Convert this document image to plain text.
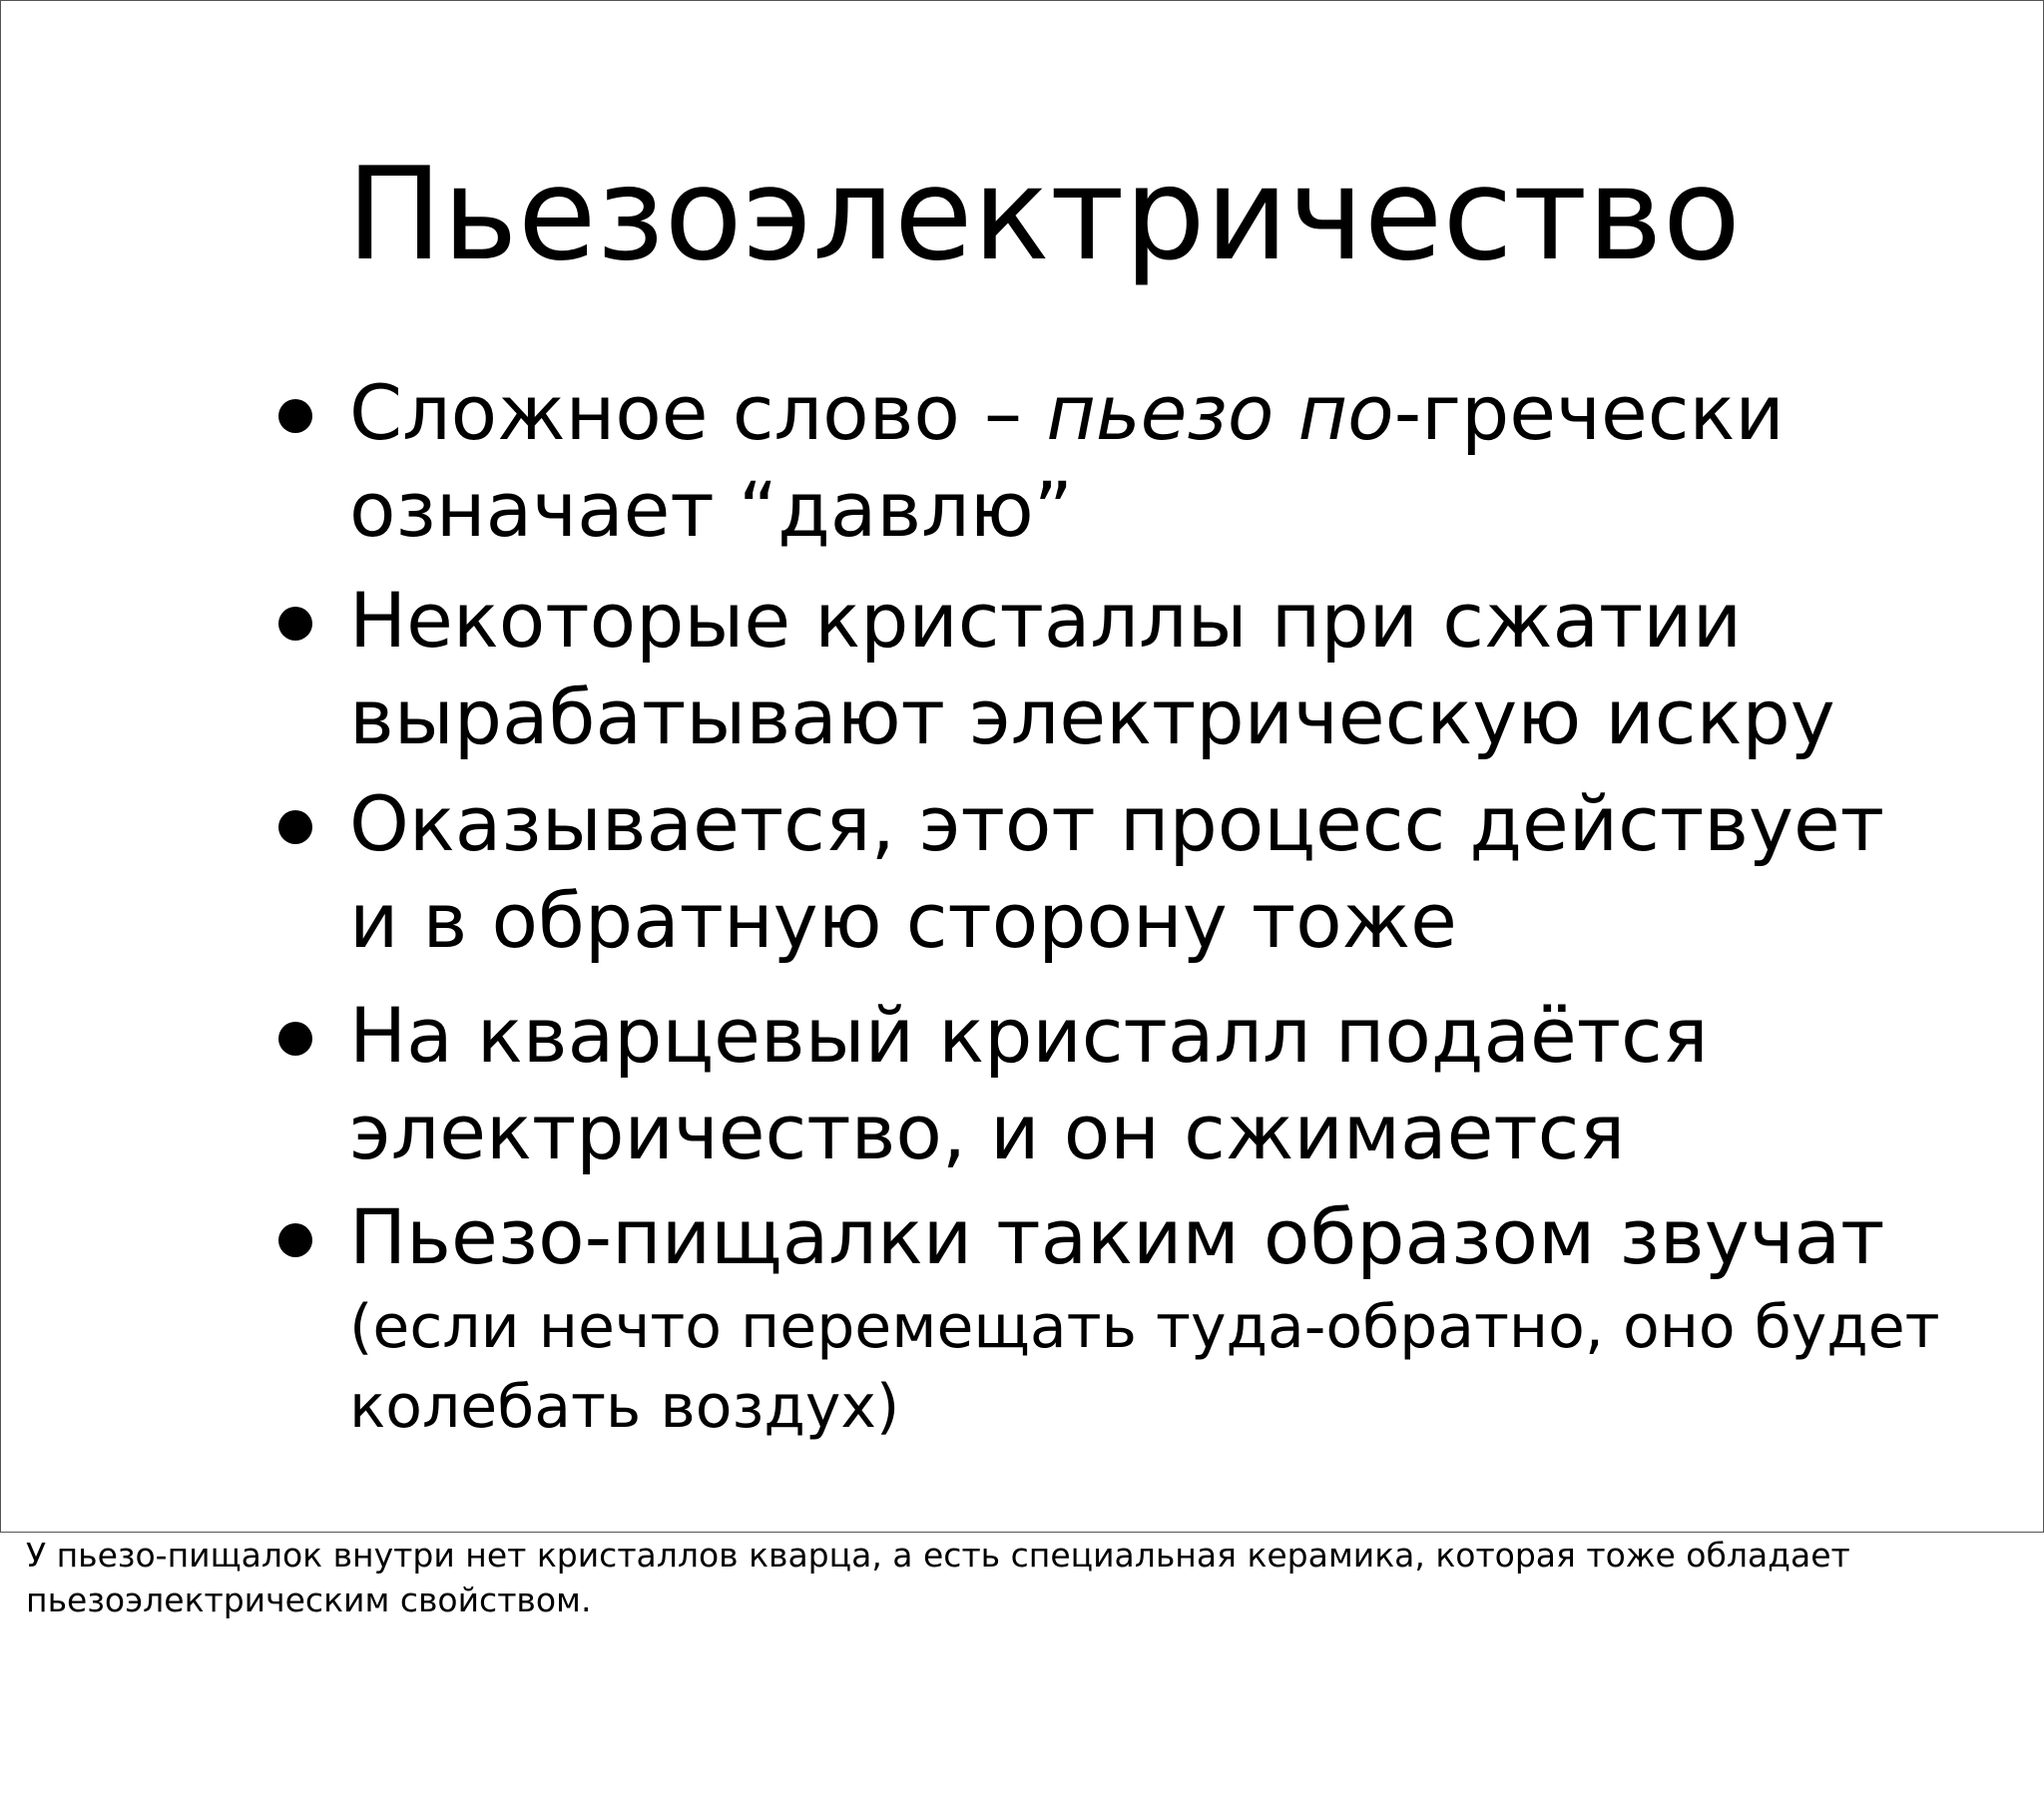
Пьезоэлектричество
Сложное слово – пьезо по-гречески
означает “давлю”
Некоторые кристаллы при сжатии
вырабатывают электрическую искру
Оказывается, этот процесс действует
и в обратную сторону тоже
На кварцевый кристалл подаётся
электричество, и он сжимается
Пьезо-пищалки таким образом звучат
(если нечто перемещать туда-обратно, оно будет
колебать воздух)
У пьезо-пищалок внутри нет кристаллов кварца, а есть специальная керамика, которая тоже обладает пьезоэлектрическим свойством.
